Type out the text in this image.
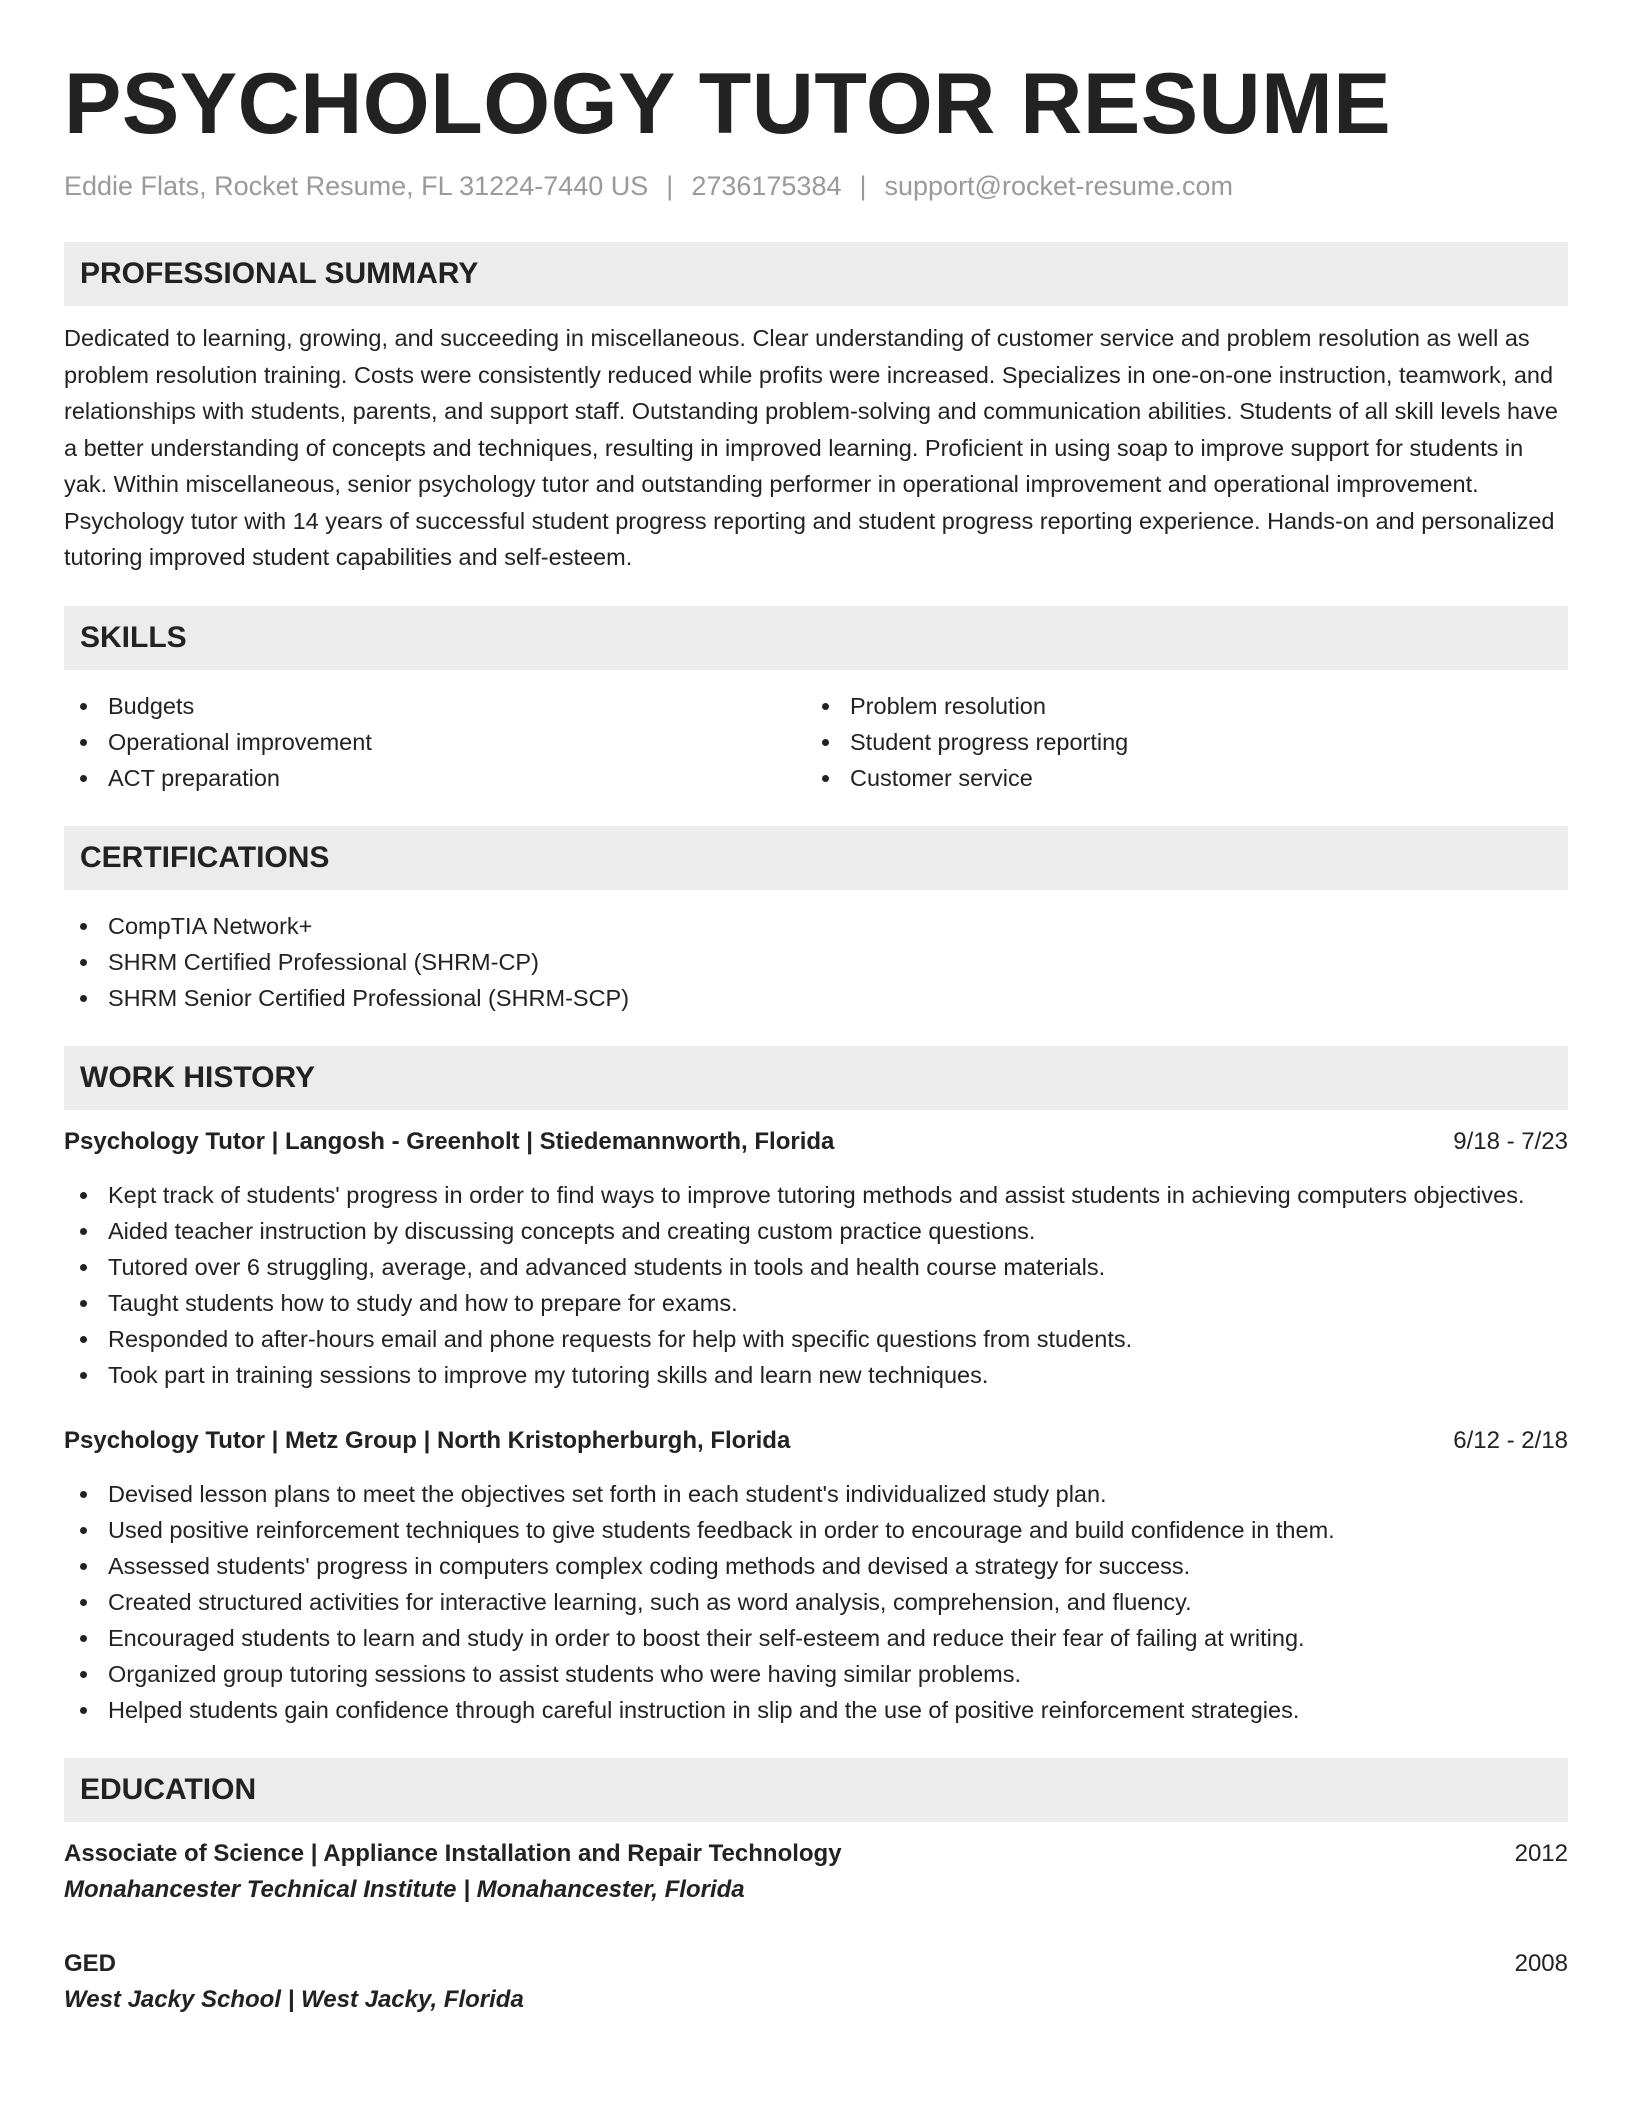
PSYCHOLOGY TUTOR RESUME
Eddie Flats, Rocket Resume, FL 31224-7440 US | 2736175384 | support@rocket-resume.com
PROFESSIONAL SUMMARY

Dedicated to learning, growing, and succeeding in miscellaneous. Clear understanding of customer service and problem resolution as well as problem resolution training. Costs were consistently reduced while profits were increased. Specializes in one-on-one instruction, teamwork, and relationships with students, parents, and support staff. Outstanding problem-solving and communication abilities. Students of all skill levels have a better understanding of concepts and techniques, resulting in improved learning. Proficient in using soap to improve support for students in yak. Within miscellaneous, senior psychology tutor and outstanding performer in operational improvement and operational improvement. Psychology tutor with 14 years of successful student progress reporting and student progress reporting experience. Hands-on and personalized tutoring improved student capabilities and self-esteem.

SKILLS
Budgets
Operational improvement
ACT preparation
Problem resolution
Student progress reporting
Customer service
CERTIFICATIONS
CompTIA Network+
SHRM Certified Professional (SHRM-CP)
SHRM Senior Certified Professional (SHRM-SCP)
WORK HISTORY
Psychology Tutor | Langosh - Greenholt | Stiedemannworth, Florida	9/18 - 7/23
Kept track of students' progress in order to find ways to improve tutoring methods and assist students in achieving computers objectives.
Aided teacher instruction by discussing concepts and creating custom practice questions.
Tutored over 6 struggling, average, and advanced students in tools and health course materials.
Taught students how to study and how to prepare for exams.
Responded to after-hours email and phone requests for help with specific questions from students.
Took part in training sessions to improve my tutoring skills and learn new techniques.
Psychology Tutor | Metz Group | North Kristopherburgh, Florida	6/12 - 2/18
Devised lesson plans to meet the objectives set forth in each student's individualized study plan.
Used positive reinforcement techniques to give students feedback in order to encourage and build confidence in them.
Assessed students' progress in computers complex coding methods and devised a strategy for success.
Created structured activities for interactive learning, such as word analysis, comprehension, and fluency.
Encouraged students to learn and study in order to boost their self-esteem and reduce their fear of failing at writing.
Organized group tutoring sessions to assist students who were having similar problems.
Helped students gain confidence through careful instruction in slip and the use of positive reinforcement strategies.
EDUCATION
Associate of Science | Appliance Installation and Repair Technology	2012
Monahancester Technical Institute | Monahancester, Florida
GED	2008
West Jacky School | West Jacky, Florida
